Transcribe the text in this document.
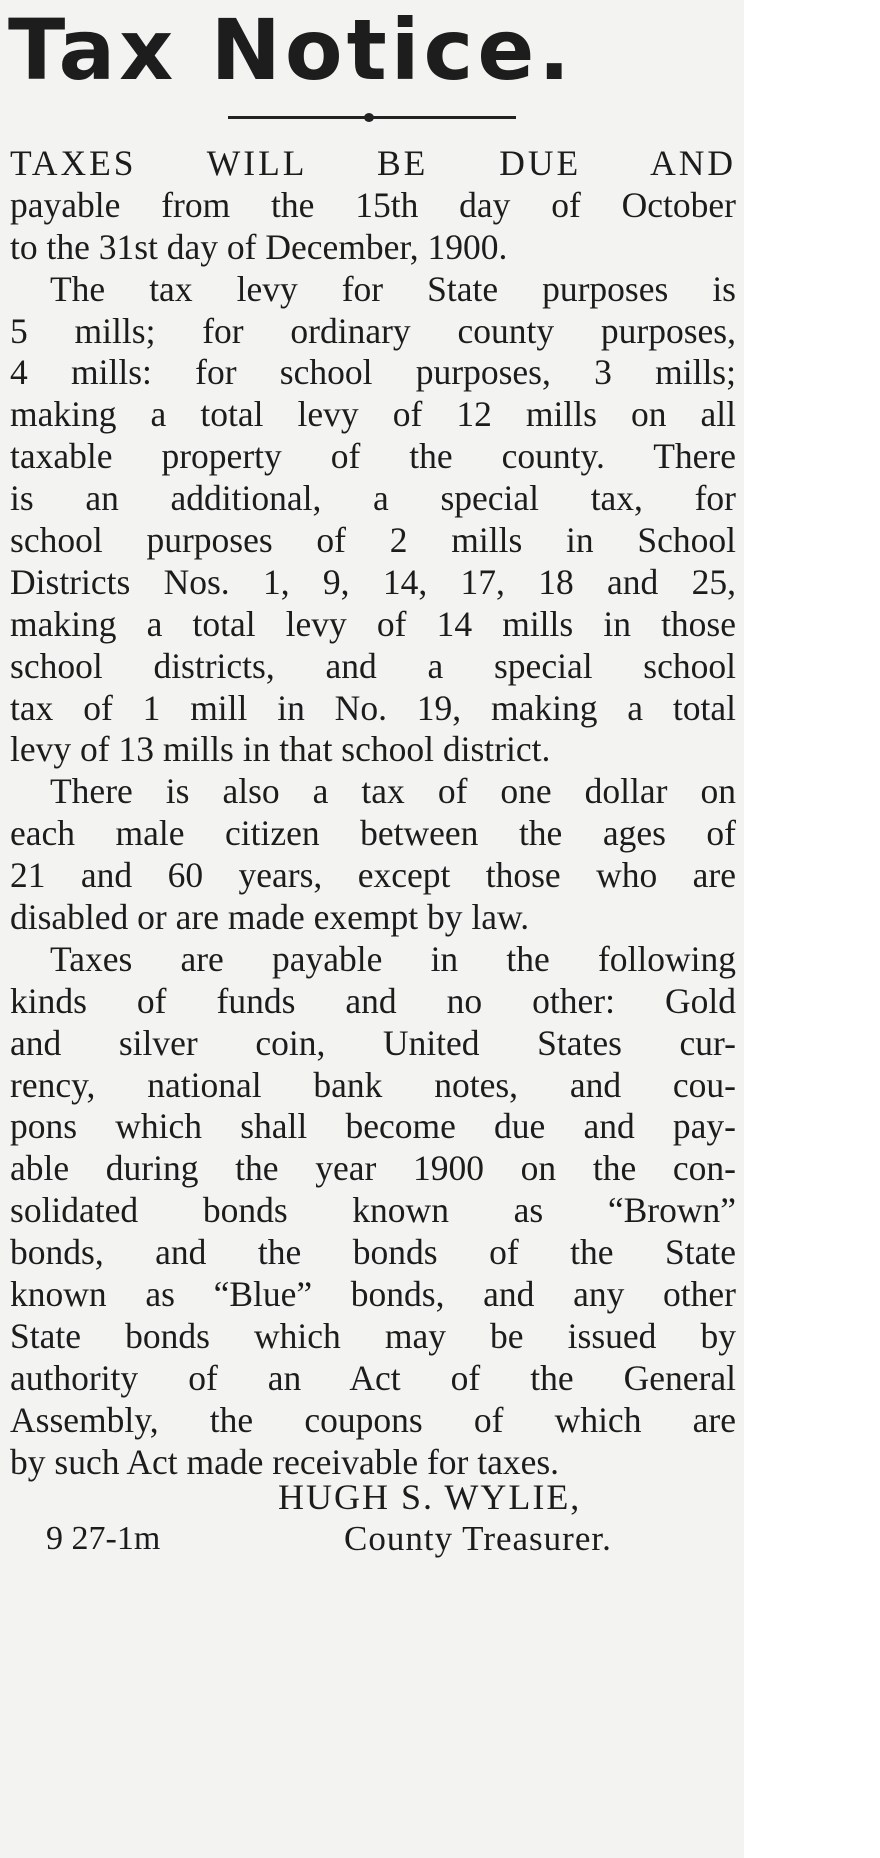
Tax Notice.
TAXES WILL BE DUE AND
payable from the 15th day of October
to the 31st day of December, 1900.
The tax levy for State purposes is
5 mills; for ordinary county purposes,
4 mills: for school purposes, 3 mills;
making a total levy of 12 mills on all
taxable property of the county. There
is an additional, a special tax, for
school purposes of 2 mills in School
Districts Nos. 1, 9, 14, 17, 18 and 25,
making a total levy of 14 mills in those
school districts, and a special school
tax of 1 mill in No. 19, making a total
levy of 13 mills in that school district.
There is also a tax of one dollar on
each male citizen between the ages of
21 and 60 years, except those who are
disabled or are made exempt by law.
Taxes are payable in the following
kinds of funds and no other: Gold
and silver coin, United States cur-
rency, national bank notes, and cou-
pons which shall become due and pay-
able during the year 1900 on the con-
solidated bonds known as “Brown”
bonds, and the bonds of the State
known as “Blue” bonds, and any other
State bonds which may be issued by
authority of an Act of the General
Assembly, the coupons of which are
by such Act made receivable for taxes.
HUGH S. WYLIE,
9 27-1m	County Treasurer.
